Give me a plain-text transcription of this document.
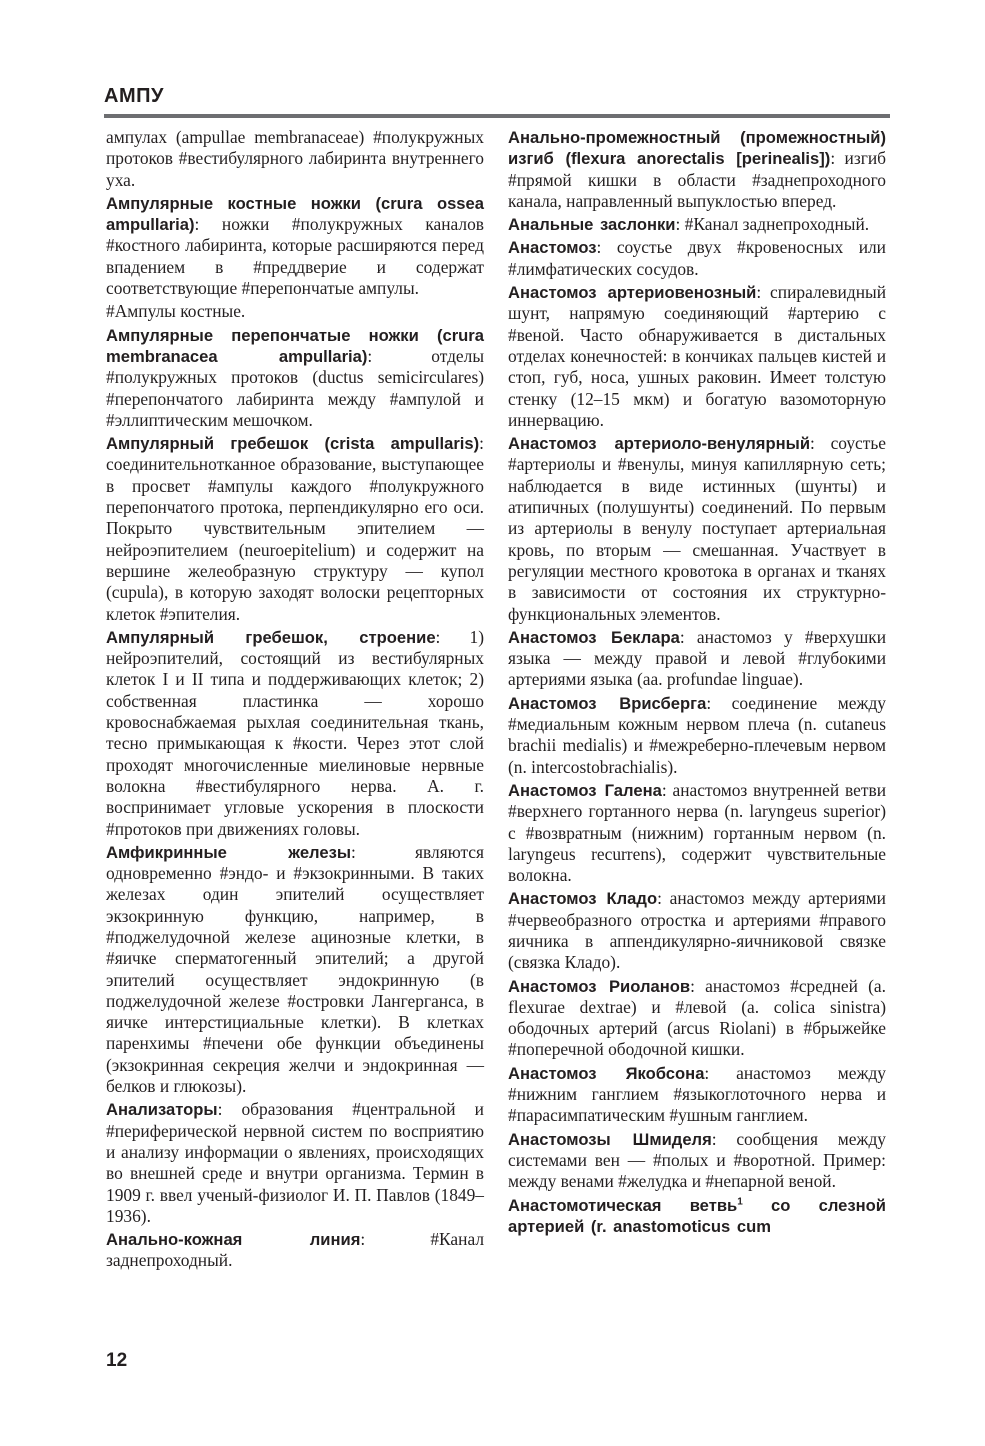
АМПУ

ампулах (ampullae membranaceae) #полукружных протоков #вестибулярного лабиринта внутреннего уха.

Ампулярные костные ножки (crura ossea ampullaria): ножки #полукружных каналов #костного лабиринта, которые расширяются перед впадением в #преддверие и содержат соответствующие #перепончатые ампулы.

#Ампулы костные.

Ампулярные перепончатые ножки (crura membranacea ampullaria): отделы #полукружных протоков (ductus semicirculares) #перепончатого лабиринта между #ампулой и #эллиптическим мешочком.

Ампулярный гребешок (crista ampullaris): соединительнотканное образование, выступающее в просвет #ампулы каждого #полукружного перепончатого протока, перпендикулярно его оси. Покрыто чувствительным эпителием — нейроэпителием (neuroepitelium) и содержит на вершине желеобразную структуру — купол (cupula), в которую заходят волоски рецепторных клеток #эпителия.

Ампулярный гребешок, строение: 1) нейроэпителий, состоящий из вестибулярных клеток I и II типа и поддерживающих клеток; 2) собственная пластинка — хорошо кровоснабжаемая рыхлая соединительная ткань, тесно примыкающая к #кости. Через этот слой проходят многочисленные миелиновые нервные волокна #вестибулярного нерва. А. г. воспринимает угловые ускорения в плоскости #протоков при движениях головы.

Амфикринные железы: являются одновременно #эндо- и #экзокринными. В таких железах один эпителий осуществляет экзокринную функцию, например, в #поджелудочной железе ацинозные клетки, в #яичке сперматогенный эпителий; а другой эпителий осуществляет эндокринную (в поджелудочной железе #островки Лангерганса, в яичке интерстициальные клетки). В клетках паренхимы #печени обе функции объединены (экзокринная секреция желчи и эндокринная — белков и глюкозы).

Анализаторы: образования #центральной и #периферической нервной систем по восприятию и анализу информации о явлениях, происходящих во внешней среде и внутри организма. Термин в 1909 г. ввел ученый-физиолог И. П. Павлов (1849–1936).

Анально-кожная линия: #Канал заднепроходный.

Анально-промежностный (промежностный) изгиб (flexura anorectalis [perinealis]): изгиб #прямой кишки в области #заднепроходного канала, направленный выпуклостью вперед.

Анальные заслонки: #Канал заднепроходный.

Анастомоз: соустье двух #кровеносных или #лимфатических сосудов.

Анастомоз артериовенозный: спиралевидный шунт, напрямую соединяющий #артерию с #веной. Часто обнаруживается в дистальных отделах конечностей: в кончиках пальцев кистей и стоп, губ, носа, ушных раковин. Имеет толстую стенку (12–15 мкм) и богатую вазомоторную иннервацию.

Анастомоз артериоло-венулярный: соустье #артериолы и #венулы, минуя капиллярную сеть; наблюдается в виде истинных (шунты) и атипичных (полушунты) соединений. По первым из артериолы в венулу поступает артериальная кровь, по вторым — смешанная. Участвует в регуляции местного кровотока в органах и тканях в зависимости от состояния их структурно-функциональных элементов.

Анастомоз Беклара: анастомоз у #верхушки языка — между правой и левой #глубокими артериями языка (aa. profundae linguae).

Анастомоз Врисберга: соединение между #медиальным кожным нервом плеча (n. cutaneus brachii medialis) и #межреберно-плечевым нервом (n. intercostobrachialis).

Анастомоз Галена: анастомоз внутренней ветви #верхнего гортанного нерва (n. laryngeus superior) с #возвратным (нижним) гортанным нервом (n. laryngeus recurrens), содержит чувствительные волокна.

Анастомоз Кладо: анастомоз между артериями #червеобразного отростка и артериями #правого яичника в аппендикулярно-яичниковой связке (связка Кладо).

Анастомоз Риоланов: анастомоз #средней (a. flexurae dextrae) и #левой (a. colica sinistra) ободочных артерий (arcus Riolani) в #брыжейке #поперечной ободочной кишки.

Анастомоз Якобсона: анастомоз между #нижним ганглием #языкоглоточного нерва и #парасимпатическим #ушным ганглием.

Анастомозы Шмиделя: сообщения между системами вен — #полых и #воротной. Пример: между венами #желудка и #непарной веной.

Анастомотическая ветвь$^1$ со слезной артерией (r. anastomoticus cum

12
